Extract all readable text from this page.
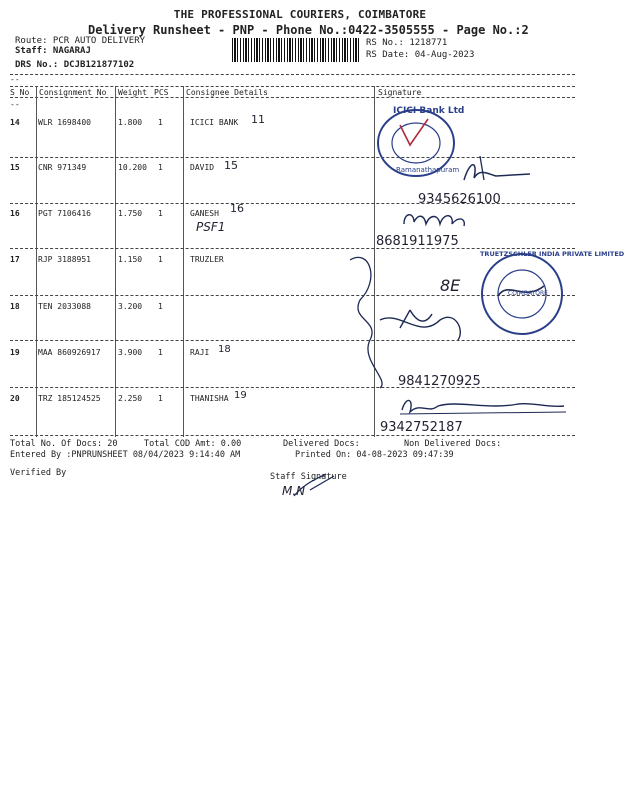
THE PROFESSIONAL COURIERS, COIMBATORE
Delivery Runsheet - PNP - Phone No.:0422-3505555 - Page No.:2
Route: PCR AUTO DELIVERY
Staff: NAGARAJ
DRS No.: DCJB121877102
RS No.: 1218771
RS Date: 04-Aug-2023
--
--
S No Consignment No Weight PCS Consignee Details	Signature
14 WLR 1698400	1.800 1	ICICI BANK 11
15 CNR 971349	10.200 1	DAVID 15
16 PGT 7106416	1.750 1	GANESH 16
PSF1
17 RJP 3188951	1.150 1	TRUZLER
18 TEN 2033088	3.200 1
19 MAA 860926917 3.900 1	RAJI 18
20 TRZ 185124525 2.250 1	THANISHA 19
ICICI Bank Ltd
Ramanathapuram
9345626100
8681911975
TRUETZSCHLER INDIA PRIVATE LIMITED
COIMBATORE
8E
9841270925
9342752187
Total No. Of Docs: 20	Total COD Amt: 0.00	Delivered Docs:	Non Delivered Docs:
Entered By :PNPRUNSHEET 08/04/2023 9:14:40 AM	Printed On: 04-08-2023 09:47:39
Verified By	Staff Signature
M.N
